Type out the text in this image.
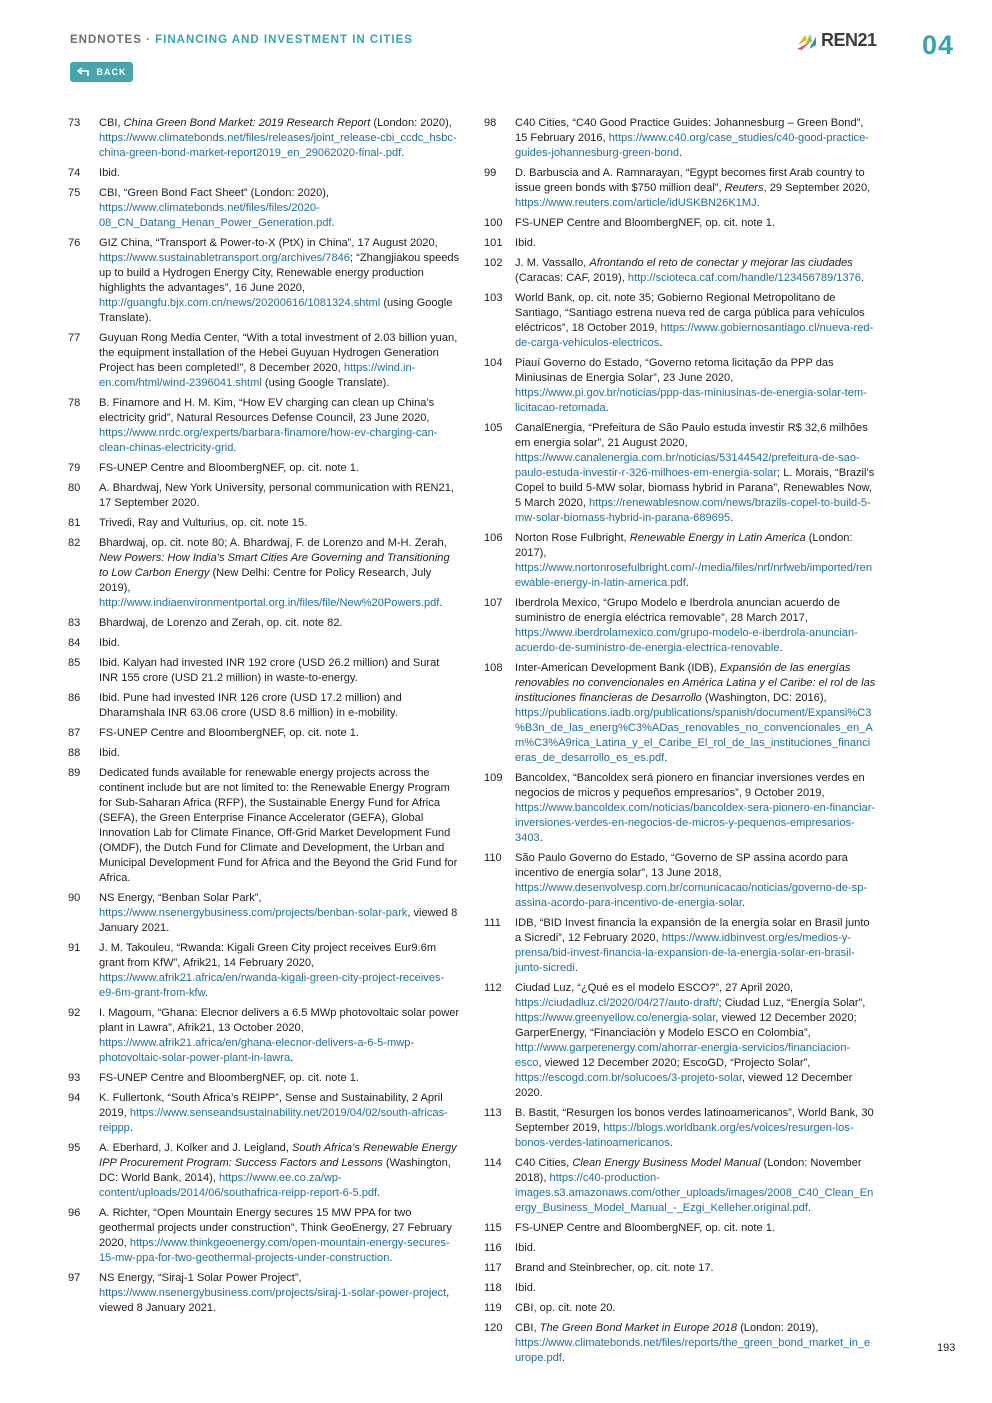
ENDNOTES · FINANCING AND INVESTMENT IN CITIES
BACK
REN21 04
73	CBI, China Green Bond Market: 2019 Research Report (London: 2020), https://www.climatebonds.net/files/releases/joint_release-cbi_ccdc_hsbc-china-green-bond-market-report2019_en_29062020-final-.pdf.
74	Ibid.
75	CBI, “Green Bond Fact Sheet” (London: 2020), https://www.climatebonds.net/files/files/2020-08_CN_Datang_Henan_Power_Generation.pdf.
76	GIZ China, “Transport & Power-to-X (PtX) in China”, 17 August 2020, https://www.sustainabletransport.org/archives/7846; “Zhangjiakou speeds up to build a Hydrogen Energy City, Renewable energy production highlights the advantages”, 16 June 2020, http://guangfu.bjx.com.cn/news/20200616/1081324.shtml (using Google Translate).
77	Guyuan Rong Media Center, “With a total investment of 2.03 billion yuan, the equipment installation of the Hebei Guyuan Hydrogen Generation Project has been completed!”, 8 December 2020, https://wind.in-en.com/html/wind-2396041.shtml (using Google Translate).
78	B. Finamore and H. M. Kim, “How EV charging can clean up China’s electricity grid”, Natural Resources Defense Council, 23 June 2020, https://www.nrdc.org/experts/barbara-finamore/how-ev-charging-can-clean-chinas-electricity-grid.
79	FS-UNEP Centre and BloombergNEF, op. cit. note 1.
80	A. Bhardwaj, New York University, personal communication with REN21, 17 September 2020.
81	Trivedi, Ray and Vulturius, op. cit. note 15.
82	Bhardwaj, op. cit. note 80; A. Bhardwaj, F. de Lorenzo and M-H. Zerah, New Powers: How India’s Smart Cities Are Governing and Transitioning to Low Carbon Energy (New Delhi: Centre for Policy Research, July 2019), http://www.indiaenvironmentportal.org.in/files/file/New%20Powers.pdf.
83	Bhardwaj, de Lorenzo and Zerah, op. cit. note 82.
84	Ibid.
85	Ibid. Kalyan had invested INR 192 crore (USD 26.2 million) and Surat INR 155 crore (USD 21.2 million) in waste-to-energy.
86	Ibid. Pune had invested INR 126 crore (USD 17.2 million) and Dharamshala INR 63.06 crore (USD 8.6 million) in e-mobility.
87	FS-UNEP Centre and BloombergNEF, op. cit. note 1.
88	Ibid.
89	Dedicated funds available for renewable energy projects across the continent include but are not limited to: the Renewable Energy Program for Sub-Saharan Africa (RFP), the Sustainable Energy Fund for Africa (SEFA), the Green Enterprise Finance Accelerator (GEFA), Global Innovation Lab for Climate Finance, Off-Grid Market Development Fund (OMDF), the Dutch Fund for Climate and Development, the Urban and Municipal Development Fund for Africa and the Beyond the Grid Fund for Africa.
90	NS Energy, “Benban Solar Park”, https://www.nsenergybusiness.com/projects/benban-solar-park, viewed 8 January 2021.
91	J. M. Takouleu, “Rwanda: Kigali Green City project receives Eur9.6m grant from KfW”, Afrik21, 14 February 2020, https://www.afrik21.africa/en/rwanda-kigali-green-city-project-receives-e9-6m-grant-from-kfw.
92	I. Magoum, “Ghana: Elecnor delivers a 6.5 MWp photovoltaic solar power plant in Lawra”, Afrik21, 13 October 2020, https://www.afrik21.africa/en/ghana-elecnor-delivers-a-6-5-mwp-photovoltaic-solar-power-plant-in-lawra.
93	FS-UNEP Centre and BloombergNEF, op. cit. note 1.
94	K. Fullertonk, “South Africa’s REIPP”, Sense and Sustainability, 2 April 2019, https://www.senseandsustainability.net/2019/04/02/south-africas-reippp.
95	A. Eberhard, J. Kolker and J. Leigland, South Africa’s Renewable Energy IPP Procurement Program: Success Factors and Lessons (Washington, DC: World Bank, 2014), https://www.ee.co.za/wp-content/uploads/2014/06/southafrica-reipp-report-6-5.pdf.
96	A. Richter, “Open Mountain Energy secures 15 MW PPA for two geothermal projects under construction”, Think GeoEnergy, 27 February 2020, https://www.thinkgeoenergy.com/open-mountain-energy-secures-15-mw-ppa-for-two-geothermal-projects-under-construction.
97	NS Energy, “Siraj-1 Solar Power Project”, https://www.nsenergybusiness.com/projects/siraj-1-solar-power-project, viewed 8 January 2021.
98	C40 Cities, “C40 Good Practice Guides: Johannesburg – Green Bond”, 15 February 2016, https://www.c40.org/case_studies/c40-good-practice-guides-johannesburg-green-bond.
99	D. Barbuscia and A. Ramnarayan, “Egypt becomes first Arab country to issue green bonds with $750 million deal”, Reuters, 29 September 2020, https://www.reuters.com/article/idUSKBN26K1MJ.
100	FS-UNEP Centre and BloombergNEF, op. cit. note 1.
101	Ibid.
102	J. M. Vassallo, Afrontando el reto de conectar y mejorar las ciudades (Caracas: CAF, 2019), http://scioteca.caf.com/handle/123456789/1376.
103	World Bank, op. cit. note 35; Gobierno Regional Metropolitano de Santiago, “Santiago estrena nueva red de carga pública para vehículos eléctricos”, 18 October 2019, https://www.gobiernosantiago.cl/nueva-red-de-carga-vehiculos-electricos.
104	Piauí Governo do Estado, “Governo retoma licitação da PPP das Miniusinas de Energia Solar”, 23 June 2020, https://www.pi.gov.br/noticias/ppp-das-miniusinas-de-energia-solar-tem-licitacao-retomada.
105	CanalEnergia, “Prefeitura de São Paulo estuda investir R$ 32,6 milhões em energia solar”, 21 August 2020, https://www.canalenergia.com.br/noticias/53144542/prefeitura-de-sao-paulo-estuda-investir-r-326-milhoes-em-energia-solar; L. Morais, “Brazil’s Copel to build 5-MW solar, biomass hybrid in Parana”, Renewables Now, 5 March 2020, https://renewablesnow.com/news/brazils-copel-to-build-5-mw-solar-biomass-hybrid-in-parana-689695.
106	Norton Rose Fulbright, Renewable Energy in Latin America (London: 2017), https://www.nortonrosefulbright.com/-/media/files/nrf/nrfweb/imported/renewable-energy-in-latin-america.pdf.
107	Iberdrola Mexico, “Grupo Modelo e Iberdrola anuncian acuerdo de suministro de energía eléctrica removable”, 28 March 2017, https://www.iberdrolamexico.com/grupo-modelo-e-iberdrola-anuncian-acuerdo-de-suministro-de-energia-electrica-renovable.
108	Inter-American Development Bank (IDB), Expansión de las energías renovables no convencionales en América Latina y el Caribe: el rol de las instituciones financieras de Desarrollo (Washington, DC: 2016), https://publications.iadb.org/publications/spanish/document/Expansi%C3%B3n_de_las_energ%C3%ADas_renovables_no_convencionales_en_Am%C3%A9rica_Latina_y_el_Caribe_El_rol_de_las_instituciones_financieras_de_desarrollo_es_es.pdf.
109	Bancoldex, “Bancoldex será pionero en financiar inversiones verdes en negocios de micros y pequeños empresarios”, 9 October 2019, https://www.bancoldex.com/noticias/bancoldex-sera-pionero-en-financiar-inversiones-verdes-en-negocios-de-micros-y-pequenos-empresarios-3403.
110	São Paulo Governo do Estado, “Governo de SP assina acordo para incentivo de energia solar”, 13 June 2018, https://www.desenvolvesp.com.br/comunicacao/noticias/governo-de-sp-assina-acordo-para-incentivo-de-energia-solar.
111	IDB, “BID Invest financia la expansión de la energía solar en Brasil junto a Sicredi”, 12 February 2020, https://www.idbinvest.org/es/medios-y-prensa/bid-invest-financia-la-expansion-de-la-energia-solar-en-brasil-junto-sicredi.
112	Ciudad Luz, “¿Qué es el modelo ESCO?”, 27 April 2020, https://ciudadluz.cl/2020/04/27/auto-draft/; Ciudad Luz, “Energía Solar”, https://www.greenyellow.co/energia-solar, viewed 12 December 2020; GarperEnergy, “Financiación y Modelo ESCO en Colombia”, http://www.garperenergy.com/ahorrar-energia-servicios/financiacion-esco, viewed 12 December 2020; EscoGD, “Projecto Solar”, https://escogd.com.br/solucoes/3-projeto-solar, viewed 12 December 2020.
113	B. Bastit, “Resurgen los bonos verdes latinoamericanos”, World Bank, 30 September 2019, https://blogs.worldbank.org/es/voices/resurgen-los-bonos-verdes-latinoamericanos.
114	C40 Cities, Clean Energy Business Model Manual (London: November 2018), https://c40-production-images.s3.amazonaws.com/other_uploads/images/2008_C40_Clean_Energy_Business_Model_Manual_-_Ezgi_Kelleher.original.pdf.
115	FS-UNEP Centre and BloombergNEF, op. cit. note 1.
116	Ibid.
117	Brand and Steinbrecher, op. cit. note 17.
118	Ibid.
119	CBI, op. cit. note 20.
120	CBI, The Green Bond Market in Europe 2018 (London: 2019), https://www.climatebonds.net/files/reports/the_green_bond_market_in_europe.pdf.
193
